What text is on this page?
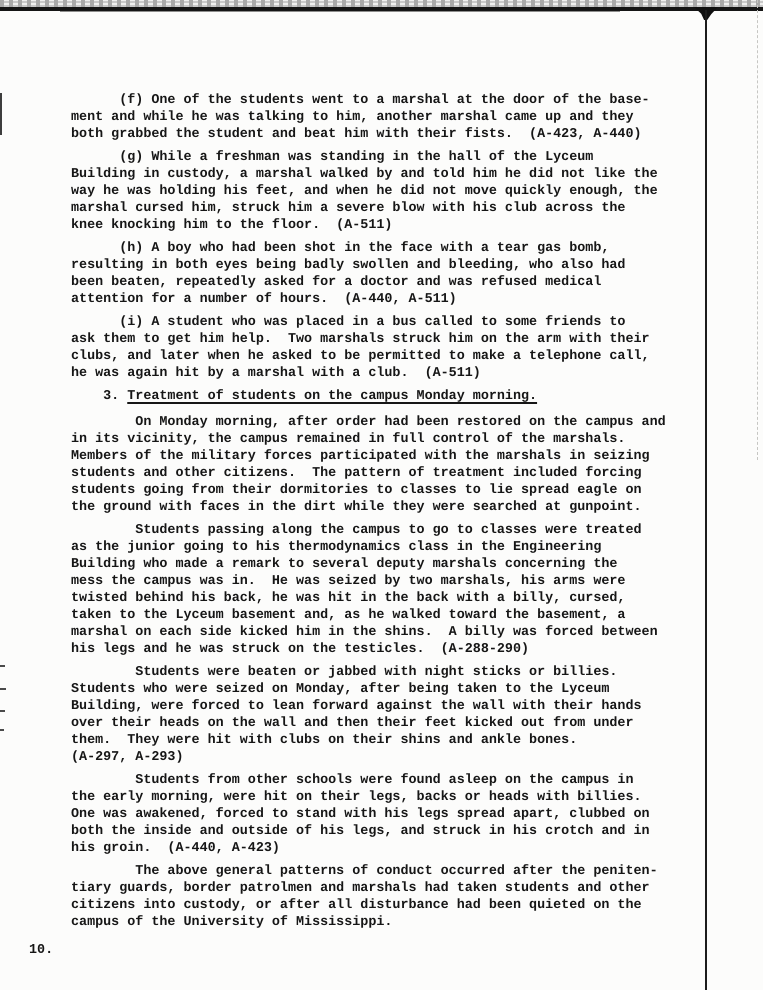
(f) One of the students went to a marshal at the door of the base-
ment and while he was talking to him, another marshal came up and they
both grabbed the student and beat him with their fists.  (A-423, A-440)
(g) While a freshman was standing in the hall of the Lyceum
Building in custody, a marshal walked by and told him he did not like the
way he was holding his feet, and when he did not move quickly enough, the
marshal cursed him, struck him a severe blow with his club across the
knee knocking him to the floor.  (A-511)
(h) A boy who had been shot in the face with a tear gas bomb,
resulting in both eyes being badly swollen and bleeding, who also had
been beaten, repeatedly asked for a doctor and was refused medical
attention for a number of hours.  (A-440, A-511)
(i) A student who was placed in a bus called to some friends to
ask them to get him help.  Two marshals struck him on the arm with their
clubs, and later when he asked to be permitted to make a telephone call,
he was again hit by a marshal with a club.  (A-511)
3. Treatment of students on the campus Monday morning.
On Monday morning, after order had been restored on the campus and
in its vicinity, the campus remained in full control of the marshals.
Members of the military forces participated with the marshals in seizing
students and other citizens.  The pattern of treatment included forcing
students going from their dormitories to classes to lie spread eagle on
the ground with faces in the dirt while they were searched at gunpoint.
Students passing along the campus to go to classes were treated
as the junior going to his thermodynamics class in the Engineering
Building who made a remark to several deputy marshals concerning the
mess the campus was in.  He was seized by two marshals, his arms were
twisted behind his back, he was hit in the back with a billy, cursed,
taken to the Lyceum basement and, as he walked toward the basement, a
marshal on each side kicked him in the shins.  A billy was forced between
his legs and he was struck on the testicles.  (A-288-290)
Students were beaten or jabbed with night sticks or billies.
Students who were seized on Monday, after being taken to the Lyceum
Building, were forced to lean forward against the wall with their hands
over their heads on the wall and then their feet kicked out from under
them.  They were hit with clubs on their shins and ankle bones.
(A-297, A-293)
Students from other schools were found asleep on the campus in
the early morning, were hit on their legs, backs or heads with billies.
One was awakened, forced to stand with his legs spread apart, clubbed on
both the inside and outside of his legs, and struck in his crotch and in
his groin.  (A-440, A-423)
The above general patterns of conduct occurred after the peniten-
tiary guards, border patrolmen and marshals had taken students and other
citizens into custody, or after all disturbance had been quieted on the
campus of the University of Mississippi.
10.
